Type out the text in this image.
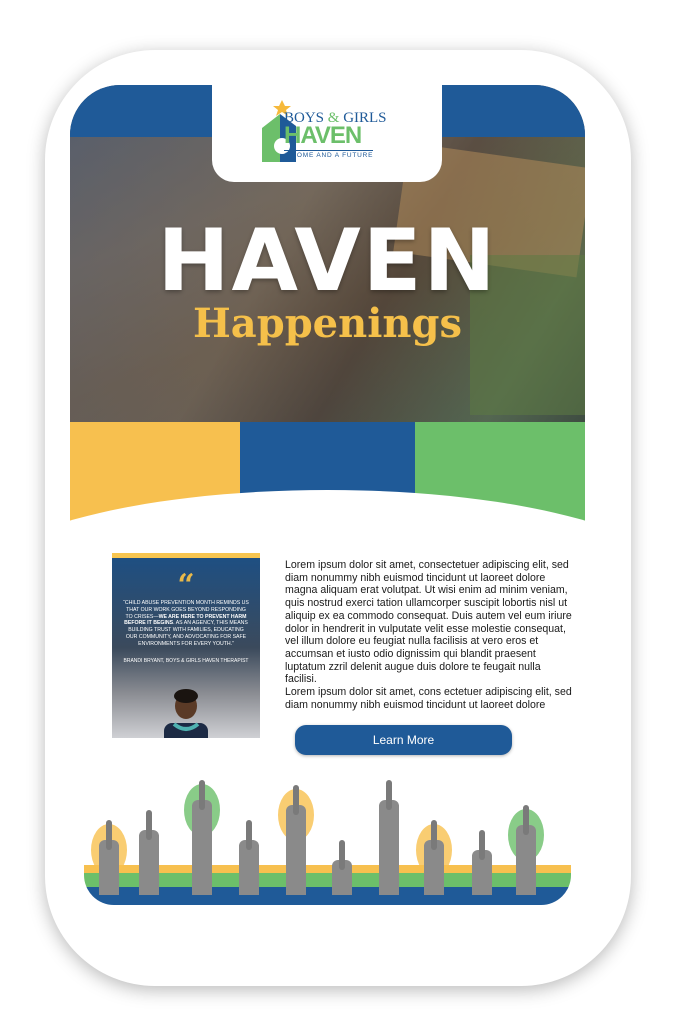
BOYS & GIRLS
HAVEN
A HOME AND A FUTURE
HAVEN
Happenings
“
“CHILD ABUSE PREVENTION MONTH REMINDS US THAT OUR WORK GOES BEYOND RESPONDING TO CRISES—WE ARE HERE TO PREVENT HARM BEFORE IT BEGINS. AS AN AGENCY, THIS MEANS BUILDING TRUST WITH FAMILIES, EDUCATING OUR COMMUNITY, AND ADVOCATING FOR SAFE ENVIRONMENTS FOR EVERY YOUTH.”
BRANDI BRYANT, BOYS & GIRLS HAVEN THERAPIST
Lorem ipsum dolor sit amet, consectetuer adipiscing elit, sed
diam nonummy nibh euismod tincidunt ut laoreet dolore
magna aliquam erat volutpat. Ut wisi enim ad minim veniam,
quis nostrud exerci tation ullamcorper suscipit lobortis nisl ut
aliquip ex ea commodo consequat. Duis autem vel eum iriure
dolor in hendrerit in vulputate velit esse molestie consequat,
vel illum dolore eu feugiat nulla facilisis at vero eros et
accumsan et iusto odio dignissim qui blandit praesent
luptatum zzril delenit augue duis dolore te feugait nulla
facilisi.
Lorem ipsum dolor sit amet, cons ectetuer adipiscing elit, sed
diam nonummy nibh euismod tincidunt ut laoreet dolore
Learn More
